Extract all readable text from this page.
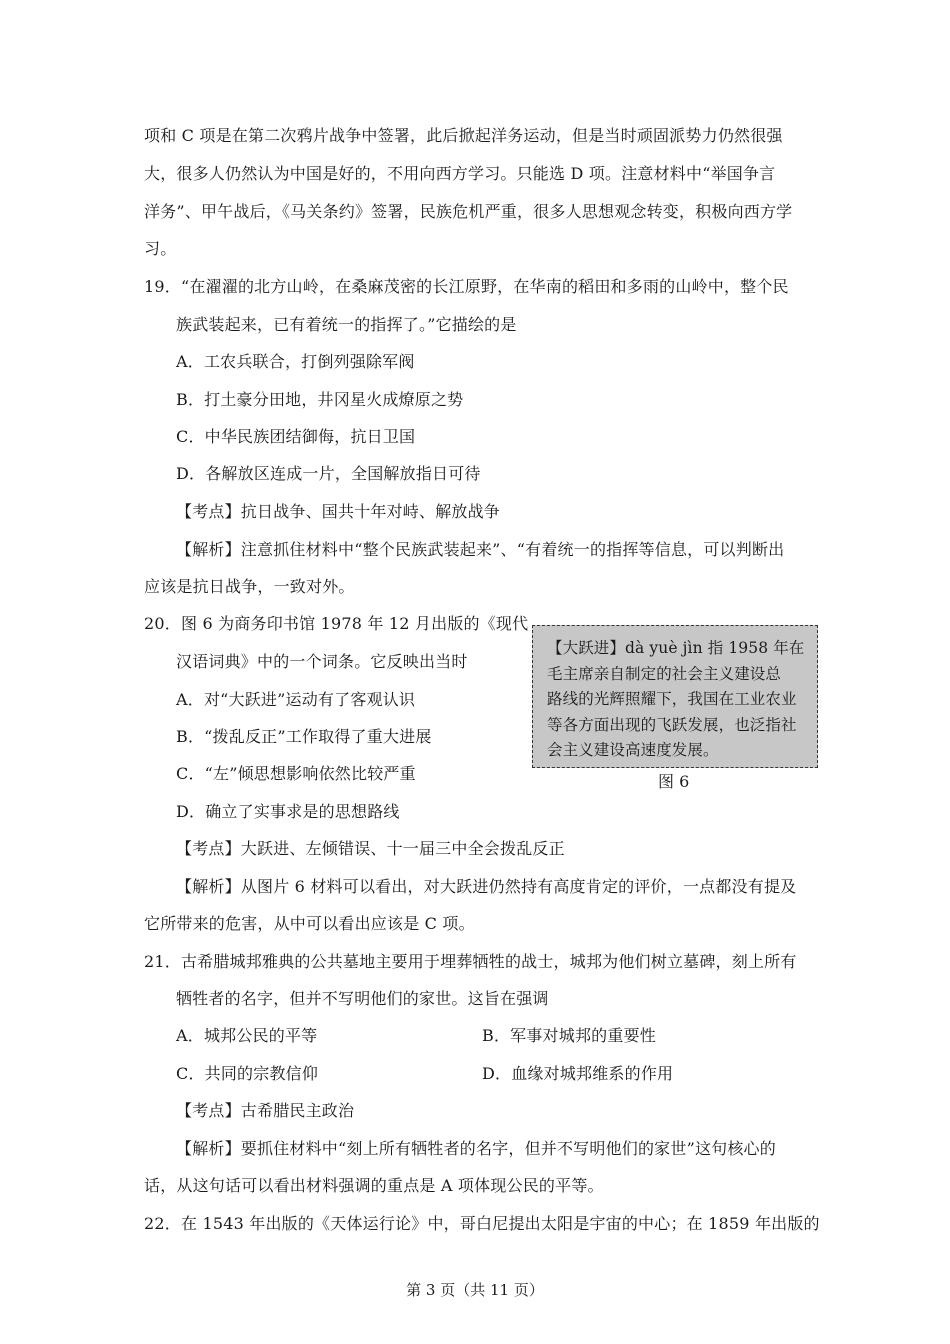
项和 C 项是在第二次鸦片战争中签署，此后掀起洋务运动，但是当时顽固派势力仍然很强
大，很多人仍然认为中国是好的，不用向西方学习。只能选 D 项。注意材料中“举国争言
洋务”、甲午战后，《马关条约》签署，民族危机严重，很多人思想观念转变，积极向西方学
习。
19．“在濯濯的北方山岭，在桑麻茂密的长江原野，在华南的稻田和多雨的山岭中，整个民
族武装起来，已有着统一的指挥了。”它描绘的是
A．工农兵联合，打倒列强除军阀
B．打土豪分田地，井冈星火成燎原之势
C．中华民族团结御侮，抗日卫国
D．各解放区连成一片，全国解放指日可待
【考点】抗日战争、国共十年对峙、解放战争
【解析】注意抓住材料中“整个民族武装起来”、“有着统一的指挥等信息，可以判断出
应该是抗日战争，一致对外。
20．图 6 为商务印书馆 1978 年 12 月出版的《现代
汉语词典》中的一个词条。它反映出当时
A．对“大跃进”运动有了客观认识
B．“拨乱反正”工作取得了重大进展
C．“左”倾思想影响依然比较严重
D．确立了实事求是的思想路线
【考点】大跃进、左倾错误、十一届三中全会拨乱反正
【解析】从图片 6 材料可以看出，对大跃进仍然持有高度肯定的评价，一点都没有提及
它所带来的危害，从中可以看出应该是 C 项。
21．古希腊城邦雅典的公共墓地主要用于埋葬牺牲的战士，城邦为他们树立墓碑，刻上所有
牺牲者的名字，但并不写明他们的家世。这旨在强调
A．城邦公民的平等	B．军事对城邦的重要性
C．共同的宗教信仰	D．血缘对城邦维系的作用
【考点】古希腊民主政治
【解析】要抓住材料中“刻上所有牺牲者的名字，但并不写明他们的家世”这句核心的
话，从这句话可以看出材料强调的重点是 A 项体现公民的平等。
22．在 1543 年出版的《天体运行论》中，哥白尼提出太阳是宇宙的中心；在 1859 年出版的
【大跃进】dà yuè jìn 指 1958 年在
毛主席亲自制定的社会主义建设总
路线的光辉照耀下，我国在工业农业
等各方面出现的飞跃发展，也泛指社
会主义建设高速度发展。
图 6
第 3 页（共 11 页）
